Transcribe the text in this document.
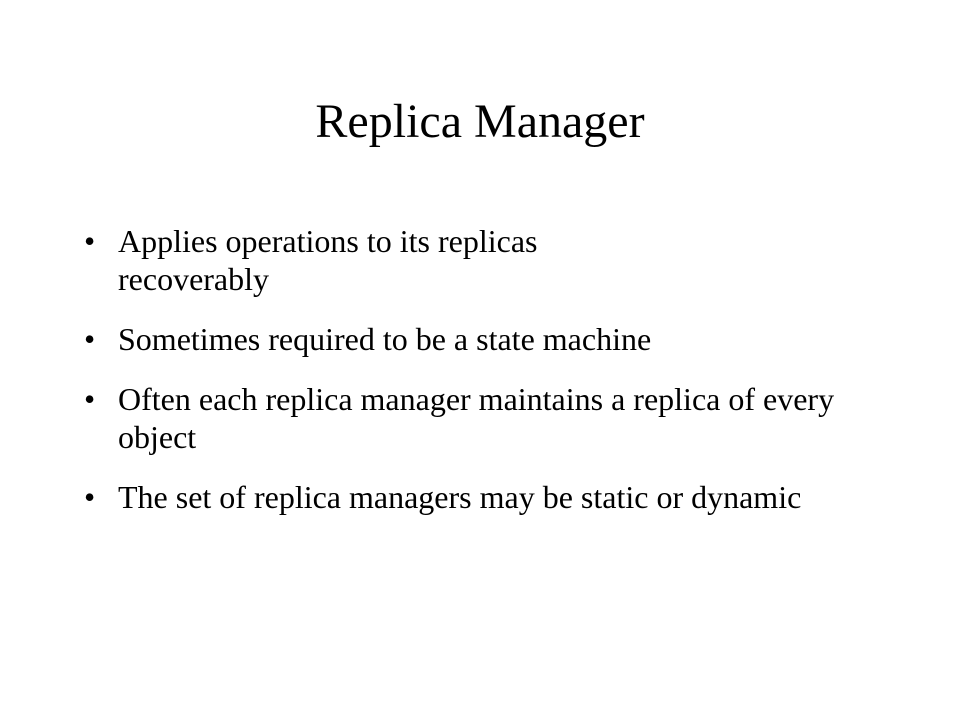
Replica Manager
• Applies operations to its replicas recoverably
• Sometimes required to be a state machine
• Often each replica manager maintains a replica of every object
• The set of replica managers may be static or dynamic
